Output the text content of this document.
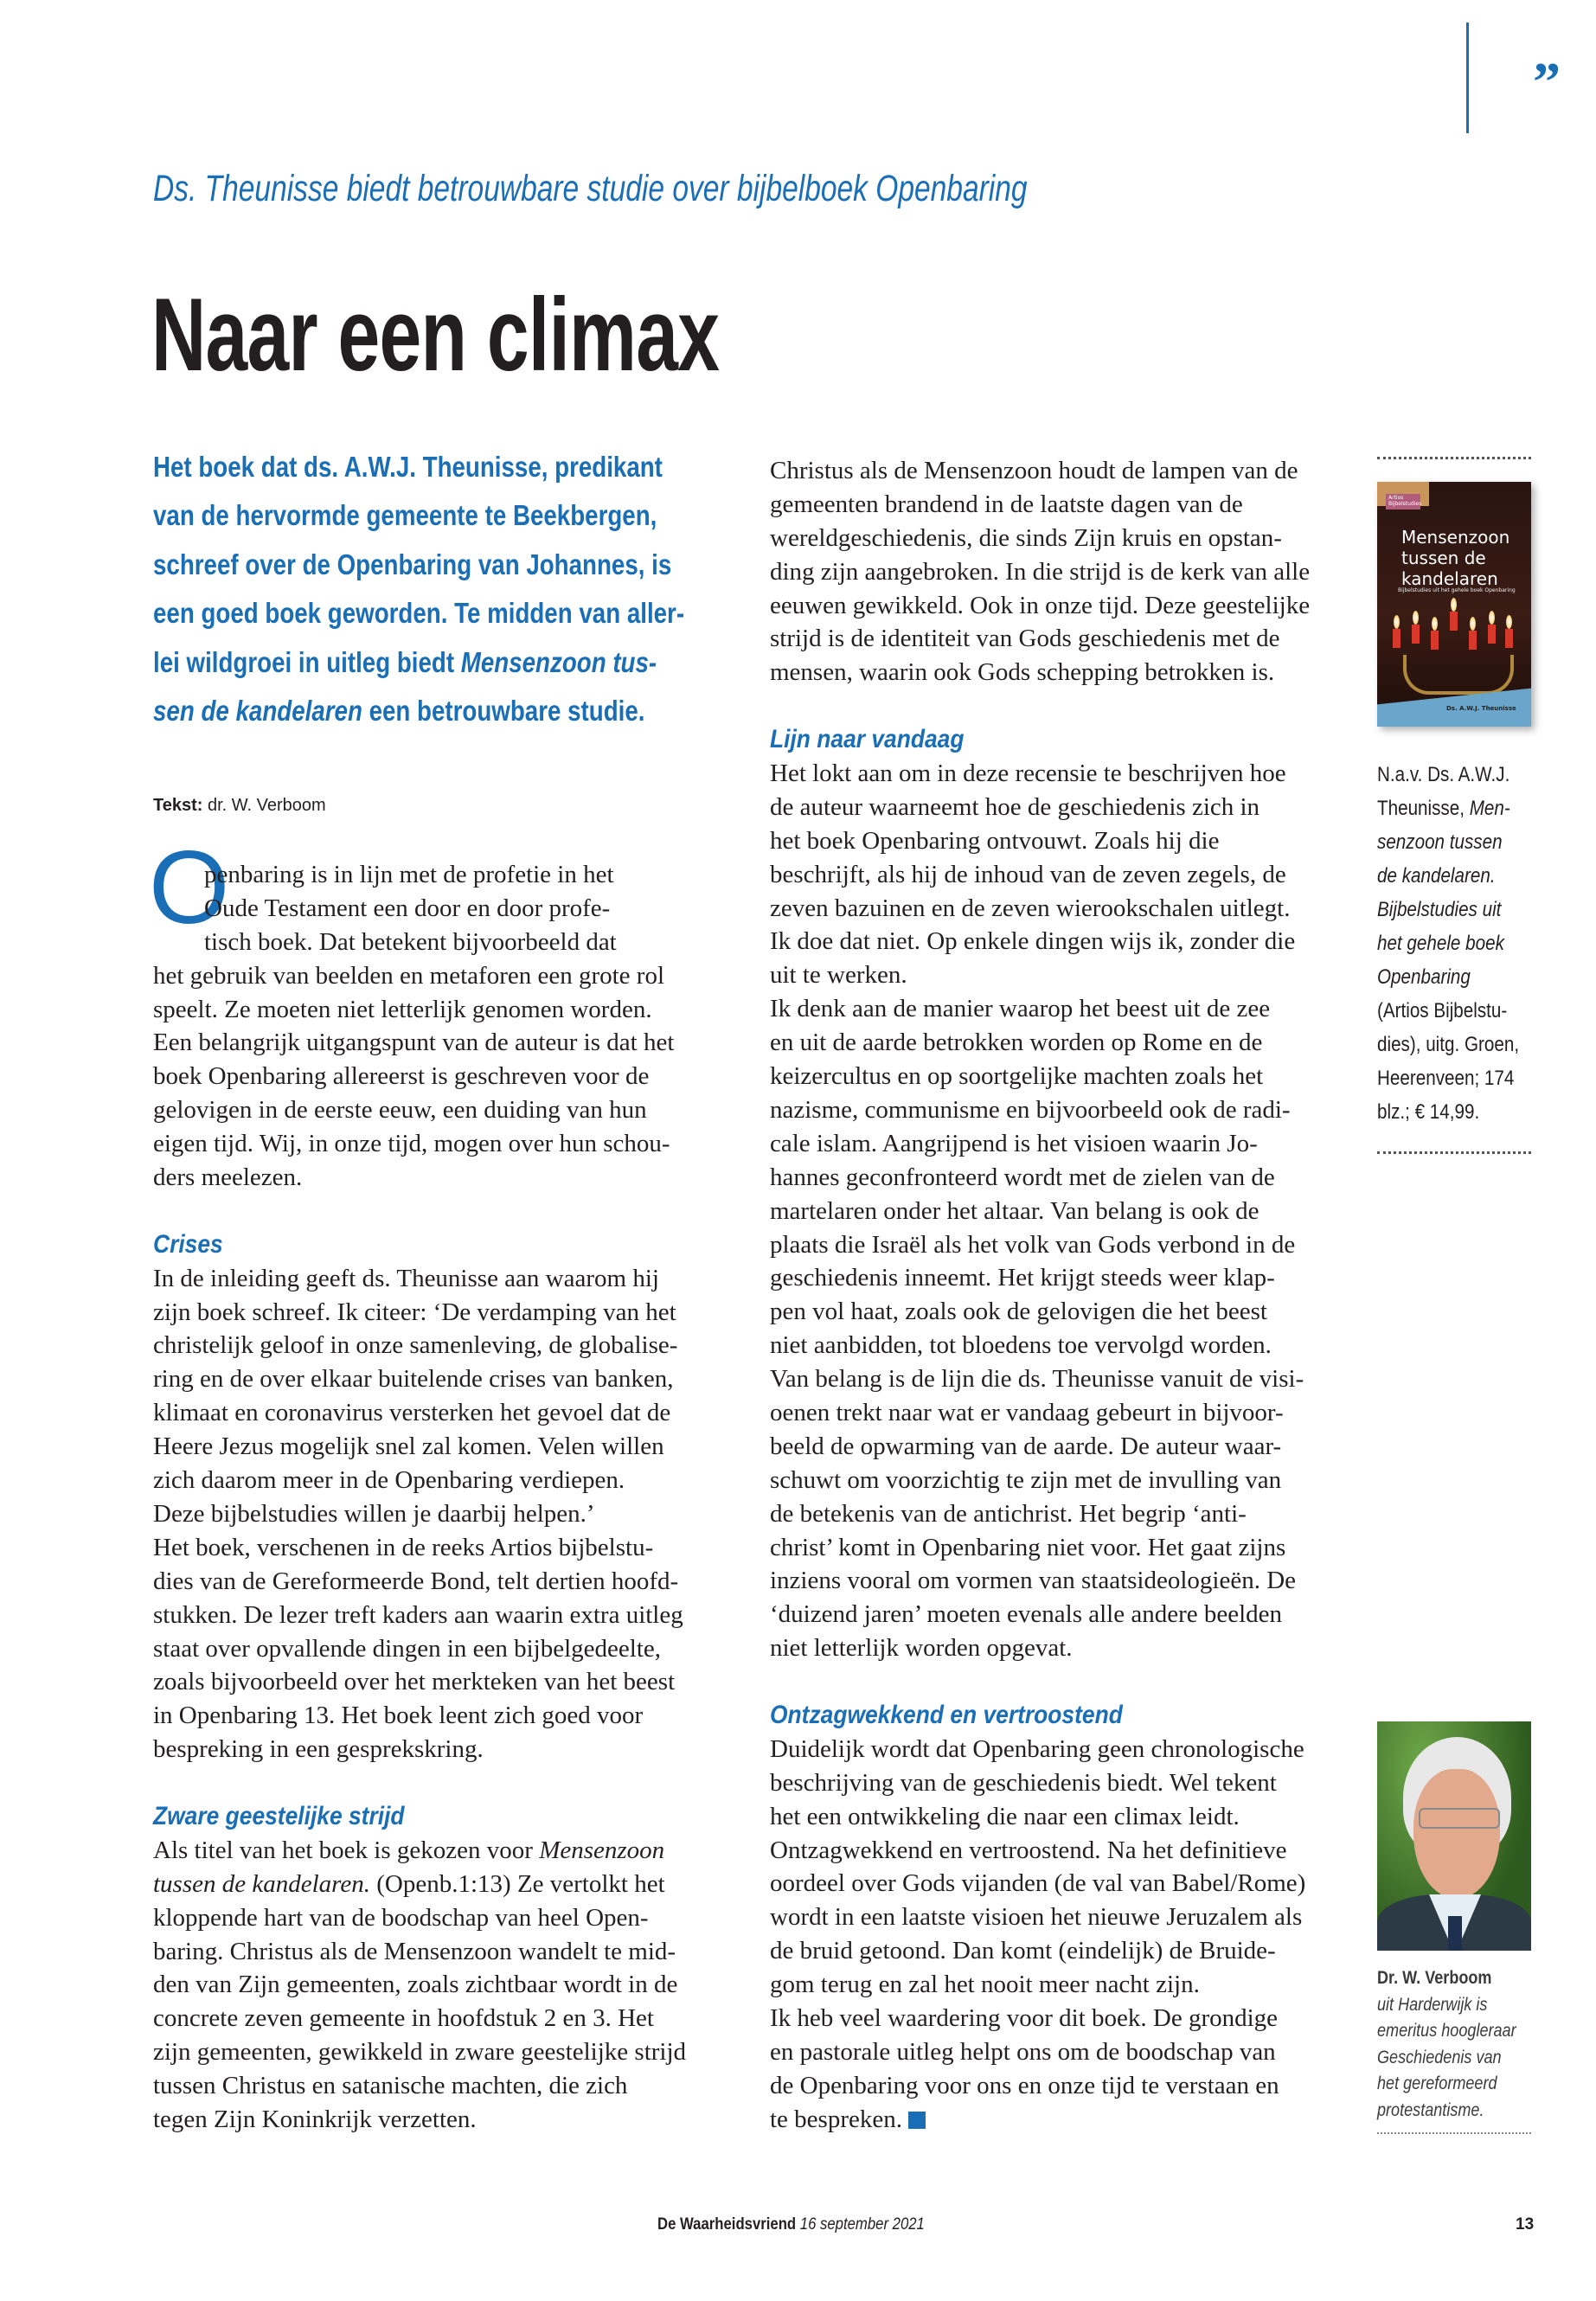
”
Ds. Theunisse biedt betrouwbare studie over bijbelboek Openbaring
Naar een climax
Het boek dat ds. A.W.J. Theunisse, predikant
van de hervormde gemeente te Beekbergen,
schreef over de Openbaring van Johannes, is
een goed boek geworden. Te midden van aller-
lei wildgroei in uitleg biedt Mensenzoon tus-
sen de kandelaren een betrouwbare studie.
Tekst: dr. W. Verboom
O
penbaring is in lijn met de profetie in het
Oude Testament een door en door profe-
tisch boek. Dat betekent bijvoorbeeld dat
het gebruik van beelden en metaforen een grote rol
speelt. Ze moeten niet letterlijk genomen worden.
Een belangrijk uitgangspunt van de auteur is dat het
boek Openbaring allereerst is geschreven voor de
gelovigen in de eerste eeuw, een duiding van hun
eigen tijd. Wij, in onze tijd, mogen over hun schou-
ders meelezen.
Crises
In de inleiding geeft ds. Theunisse aan waarom hij
zijn boek schreef. Ik citeer: ‘De verdamping van het
christelijk geloof in onze samenleving, de globalise-
ring en de over elkaar buitelende crises van banken,
klimaat en coronavirus versterken het gevoel dat de
Heere Jezus mogelijk snel zal komen. Velen willen
zich daarom meer in de Openbaring verdiepen.
Deze bijbelstudies willen je daarbij helpen.’
Het boek, verschenen in de reeks Artios bijbelstu-
dies van de Gereformeerde Bond, telt dertien hoofd-
stukken. De lezer treft kaders aan waarin extra uitleg
staat over opvallende dingen in een bijbelgedeelte,
zoals bijvoorbeeld over het merkteken van het beest
in Openbaring 13. Het boek leent zich goed voor
bespreking in een gesprekskring.
Zware geestelijke strijd
Als titel van het boek is gekozen voor Mensenzoon
tussen de kandelaren. (Openb.1:13) Ze vertolkt het
kloppende hart van de boodschap van heel Open-
baring. Christus als de Mensenzoon wandelt te mid-
den van Zijn gemeenten, zoals zichtbaar wordt in de
concrete zeven gemeente in hoofdstuk 2 en 3. Het
zijn gemeenten, gewikkeld in zware geestelijke strijd
tussen Christus en satanische machten, die zich
tegen Zijn Koninkrijk verzetten.
Christus als de Mensenzoon houdt de lampen van de
gemeenten brandend in de laatste dagen van de
wereldgeschiedenis, die sinds Zijn kruis en opstan-
ding zijn aangebroken. In die strijd is de kerk van alle
eeuwen gewikkeld. Ook in onze tijd. Deze geestelijke
strijd is de identiteit van Gods geschiedenis met de
mensen, waarin ook Gods schepping betrokken is.
Lijn naar vandaag
Het lokt aan om in deze recensie te beschrijven hoe
de auteur waarneemt hoe de geschiedenis zich in
het boek Openbaring ontvouwt. Zoals hij die
beschrijft, als hij de inhoud van de zeven zegels, de
zeven bazuinen en de zeven wierookschalen uitlegt.
Ik doe dat niet. Op enkele dingen wijs ik, zonder die
uit te werken.
Ik denk aan de manier waarop het beest uit de zee
en uit de aarde betrokken worden op Rome en de
keizercultus en op soortgelijke machten zoals het
nazisme, communisme en bijvoorbeeld ook de radi-
cale islam. Aangrijpend is het visioen waarin Jo-
hannes geconfronteerd wordt met de zielen van de
martelaren onder het altaar. Van belang is ook de
plaats die Israël als het volk van Gods verbond in de
geschiedenis inneemt. Het krijgt steeds weer klap-
pen vol haat, zoals ook de gelovigen die het beest
niet aanbidden, tot bloedens toe vervolgd worden.
Van belang is de lijn die ds. Theunisse vanuit de visi-
oenen trekt naar wat er vandaag gebeurt in bijvoor-
beeld de opwarming van de aarde. De auteur waar-
schuwt om voorzichtig te zijn met de invulling van
de betekenis van de antichrist. Het begrip ‘anti-
christ’ komt in Openbaring niet voor. Het gaat zijns
inziens vooral om vormen van staatsideologieën. De
‘duizend jaren’ moeten evenals alle andere beelden
niet letterlijk worden opgevat.
Ontzagwekkend en vertroostend
Duidelijk wordt dat Openbaring geen chronologische
beschrijving van de geschiedenis biedt. Wel tekent
het een ontwikkeling die naar een climax leidt.
Ontzagwekkend en vertroostend. Na het definitieve
oordeel over Gods vijanden (de val van Babel/Rome)
wordt in een laatste visioen het nieuwe Jeruzalem als
de bruid getoond. Dan komt (eindelijk) de Bruide-
gom terug en zal het nooit meer nacht zijn.
Ik heb veel waardering voor dit boek. De grondige
en pastorale uitleg helpt ons om de boodschap van
de Openbaring voor ons en onze tijd te verstaan en
te bespreken.
Artios Bijbelstudies
Mensenzoon
tussen de
kandelaren
Bijbelstudies uit het gehele boek Openbaring
Ds. A.W.J. Theunisse
N.a.v. Ds. A.W.J.
Theunisse, Men-
senzoon tussen
de kandelaren.
Bijbelstudies uit
het gehele boek
Openbaring
(Artios Bijbelstu-
dies), uitg. Groen,
Heerenveen; 174
blz.; € 14,99.
Dr. W. Verboom
uit Harderwijk is
emeritus hoogleraar
Geschiedenis van
het gereformeerd
protestantisme.
De Waarheidsvriend 16 september 2021	13
